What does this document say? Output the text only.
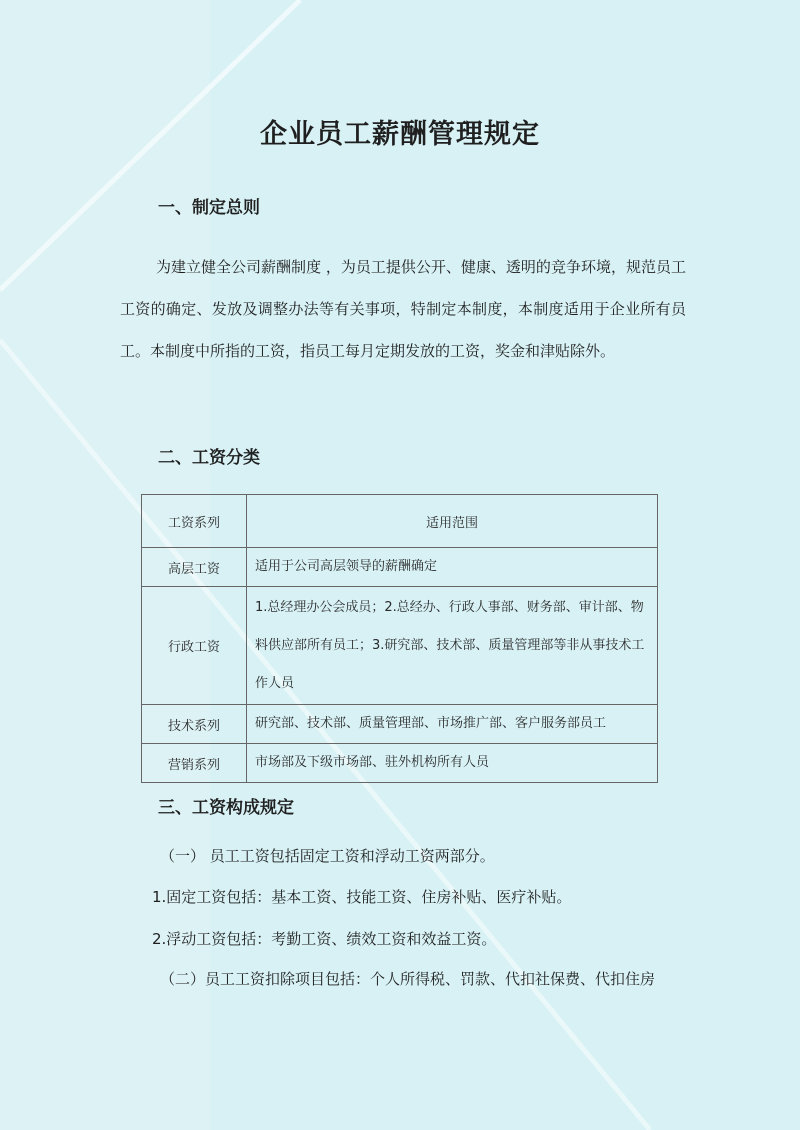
企业员工薪酬管理规定
一、制定总则

为建立健全公司薪酬制度 ，为员工提供公开、健康、透明的竞争环境，规范员工工资的确定、发放及调整办法等有关事项，特制定本制度，本制度适用于企业所有员工。本制度中所指的工资，指员工每月定期发放的工资，奖金和津贴除外。

二、工资分类
工资系列	适用范围
高层工资	适用于公司高层领导的薪酬确定
行政工资	1.总经理办公会成员；2.总经办、行政人事部、财务部、审计部、物料供应部所有员工；3.研究部、技术部、质量管理部等非从事技术工作人员
技术系列	研究部、技术部、质量管理部、市场推广部、客户服务部员工
营销系列	市场部及下级市场部、驻外机构所有人员
三、工资构成规定

（一） 员工工资包括固定工资和浮动工资两部分。

1.固定工资包括：基本工资、技能工资、住房补贴、医疗补贴。

2.浮动工资包括：考勤工资、绩效工资和效益工资。

（二）员工工资扣除项目包括：个人所得税、罚款、代扣社保费、代扣住房
